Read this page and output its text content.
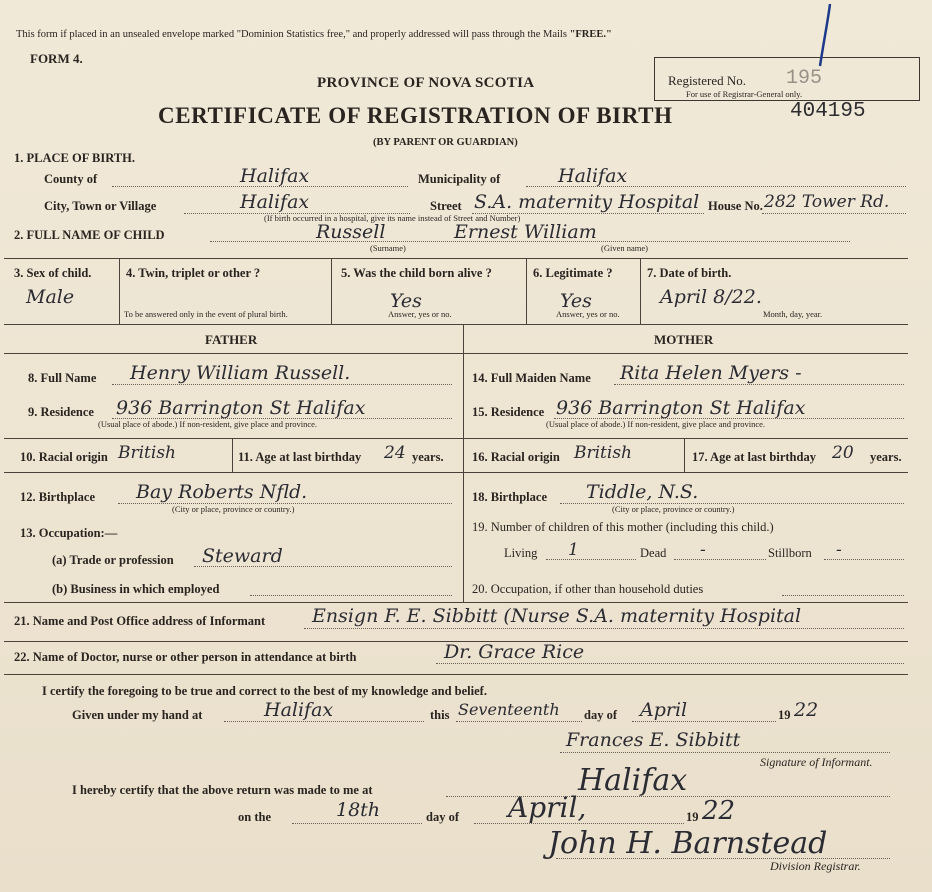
This form if placed in an unsealed envelope marked "Dominion Statistics free," and properly addressed will pass through the Mails "FREE."
FORM 4.
PROVINCE OF NOVA SCOTIA
CERTIFICATE OF REGISTRATION OF BIRTH
(BY PARENT OR GUARDIAN)
Registered No.
For use of Registrar-General only.
195
404195
1. PLACE OF BIRTH.
County of	Halifax	Municipality of	Halifax
City, Town or Village	Halifax	Street S.A. maternity Hospital House No. 282 Tower Rd.
(If birth occurred in a hospital, give its name instead of Street and Number)
2. FULL NAME OF CHILD	Russell	Ernest William
(Surname)	(Given name)
3. Sex of child.
Male
4. Twin, triplet or other ?
To be answered only in the event of plural birth.
5. Was the child born alive ?
Yes
Answer, yes or no.
6. Legitimate ?
Yes
Answer, yes or no.
7. Date of birth.
April 8/22.
Month, day, year.
FATHER	MOTHER
8. Full Name Henry William Russell.
9. Residence 936 Barrington St Halifax
(Usual place of abode.) If non-resident, give place and province.
10. Racial origin British	11. Age at last birthday 24 years.
12. Birthplace Bay Roberts Nfld.
(City or place, province or country.)
13. Occupation:—
(a) Trade or profession Steward
(b) Business in which employed
14. Full Maiden Name Rita Helen Myers -
15. Residence 936 Barrington St Halifax
(Usual place of abode.) If non-resident, give place and province.
16. Racial origin British	17. Age at last birthday 20 years.
18. Birthplace Tiddle, N.S.
(City or place, province or country.)
19. Number of children of this mother (including this child.)
Living 1	Dead -	Stillborn -
20. Occupation, if other than household duties
21. Name and Post Office address of Informant Ensign F. E. Sibbitt (Nurse S.A. maternity Hospital
22. Name of Doctor, nurse or other person in attendance at birth	Dr. Grace Rice
I certify the foregoing to be true and correct to the best of my knowledge and belief.
Given under my hand at	Halifax	this Seventeenth day of April	19 22
Frances E. Sibbitt
Signature of Informant.
I hereby certify that the above return was made to me at	Halifax
on the	18th	day of April,	19 22
John H. Barnstead
Division Registrar.
